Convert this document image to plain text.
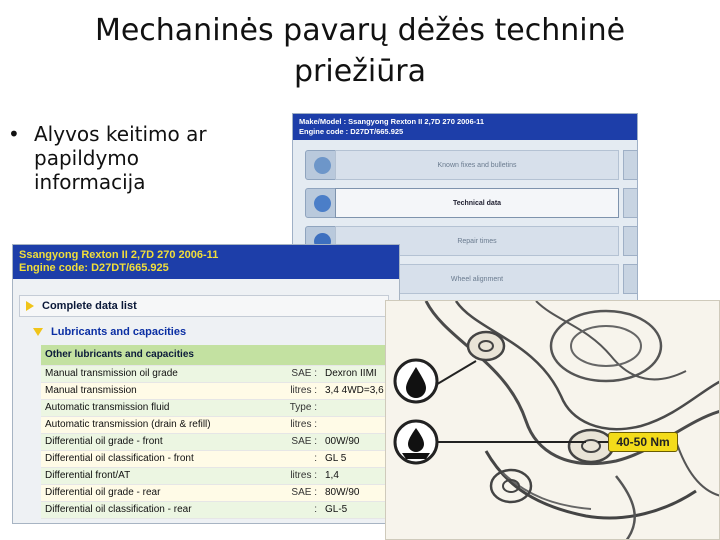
Mechaninės pavarų dėžės techninė priežiūra
• Alyvos keitimo ar papildymo informacija
Make/Model : Ssangyong Rexton II 2,7D 270 2006-11
Engine code : D27DT/665.925
Known fixes and bulletins
Technical data
Repair times
Wheel alignment
Ssangyong Rexton II 2,7D 270 2006-11
Engine code: D27DT/665.925
Complete data list
Lubricants and capacities
Other lubricants and capacities		
Manual transmission oil grade	SAE :	Dexron IIMI
Manual transmission	litres :	3,4 4WD=3,6
Automatic transmission fluid	Type :	
Automatic transmission (drain & refill)	litres :	
Differential oil grade - front	SAE :	00W/90
Differential oil classification - front	:	GL 5
Differential front/AT	litres :	1,4
Differential oil grade - rear	SAE :	80W/90
Differential oil classification - rear	:	GL-5
40-50 Nm
